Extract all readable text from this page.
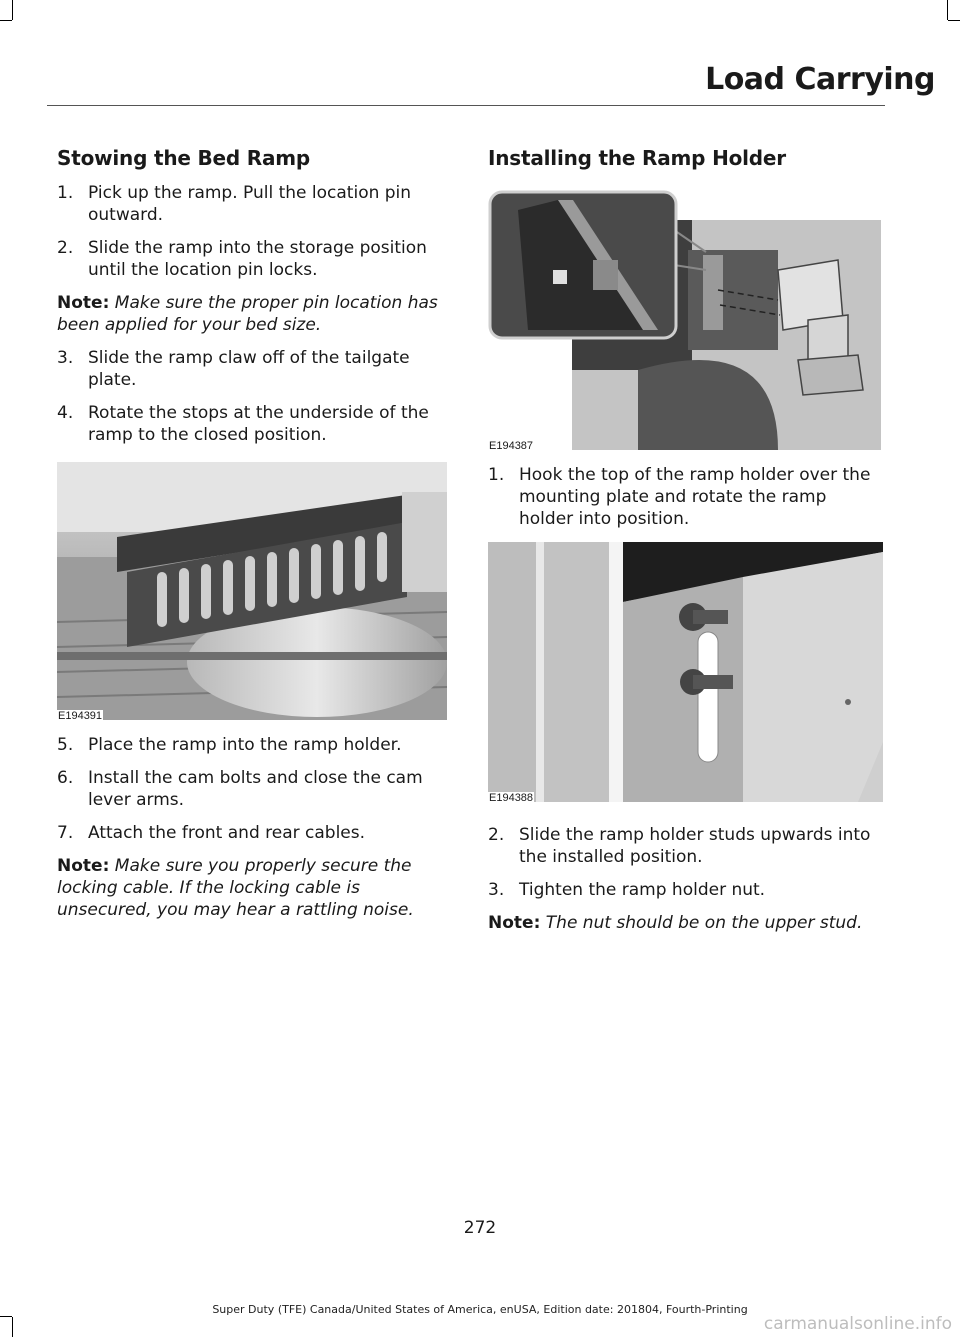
Load Carrying
Stowing the Bed Ramp
1. Pick up the ramp. Pull the location pin outward.
2. Slide the ramp into the storage position until the location pin locks.
Note: Make sure the proper pin location has been applied for your bed size.
3. Slide the ramp claw off of the tailgate plate.
4. Rotate the stops at the underside of the ramp to the closed position.
E194391
5. Place the ramp into the ramp holder.
6. Install the cam bolts and close the cam lever arms.
7. Attach the front and rear cables.
Note: Make sure you properly secure the locking cable. If the locking cable is unsecured, you may hear a rattling noise.
Installing the Ramp Holder
E194387
1. Hook the top of the ramp holder over the mounting plate and rotate the ramp holder into position.
E194388
2. Slide the ramp holder studs upwards into the installed position.
3. Tighten the ramp holder nut.
Note: The nut should be on the upper stud.
272
Super Duty (TFE) Canada/United States of America, enUSA, Edition date: 201804, Fourth-Printing
carmanualsonline.info
